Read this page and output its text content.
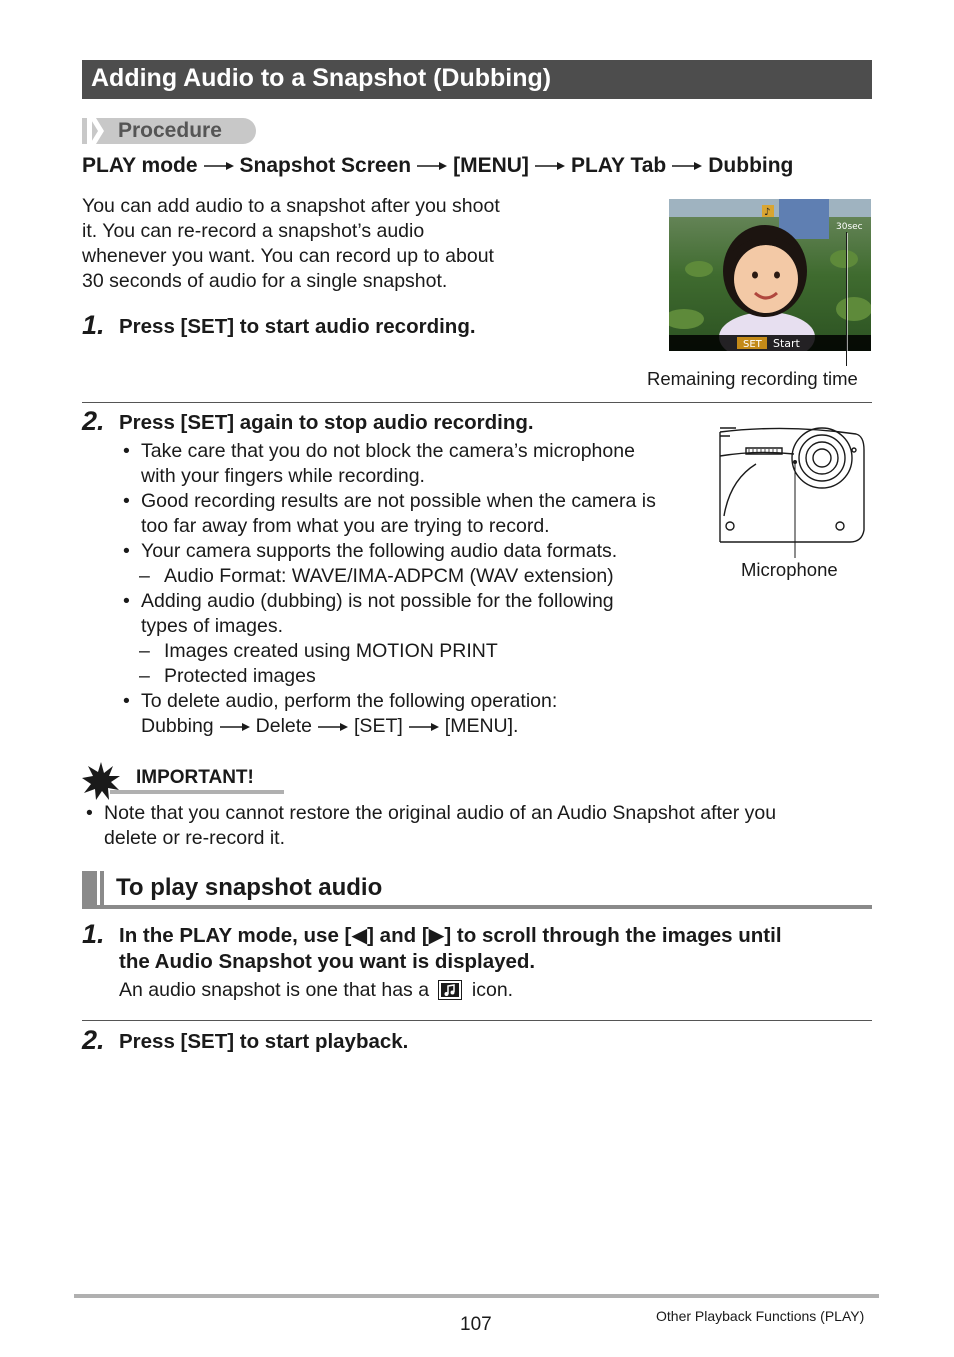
Adding Audio to a Snapshot (Dubbing)
Procedure
PLAY mode Snapshot Screen [MENU] PLAY Tab Dubbing
You can add audio to a snapshot after you shoot
it. You can re-record a snapshot’s audio
whenever you want. You can record up to about
30 seconds of audio for a single snapshot.
♪
SET Start
30sec
Remaining recording time
1. Press [SET] to start audio recording.
2. Press [SET] again to stop audio recording.
• Take care that you do not block the camera’s microphone
with your fingers while recording.
• Good recording results are not possible when the camera is
too far away from what you are trying to record.
• Your camera supports the following audio data formats.
– Audio Format: WAVE/IMA-ADPCM (WAV extension)
• Adding audio (dubbing) is not possible for the following
types of images.
– Images created using MOTION PRINT
– Protected images
• To delete audio, perform the following operation:
Dubbing Delete [SET] [MENU].
Microphone
IMPORTANT!
• Note that you cannot restore the original audio of an Audio Snapshot after you
delete or re-record it.
To play snapshot audio
1. In the PLAY mode, use [◀] and [▶] to scroll through the images until
the Audio Snapshot you want is displayed.
An audio snapshot is one that has a icon.
2. Press [SET] to start playback.
107	Other Playback Functions (PLAY)
